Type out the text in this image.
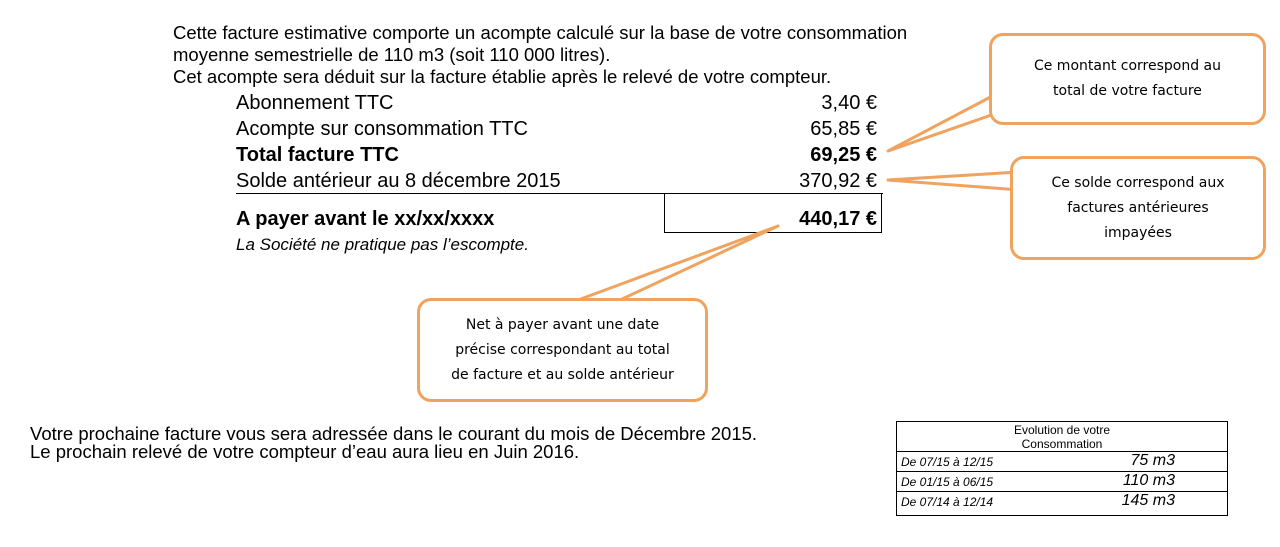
Cette facture estimative comporte un acompte calculé sur la base de votre consommation
moyenne semestrielle de 110 m3 (soit 110 000 litres).
Cet acompte sera déduit sur la facture établie après le relevé de votre compteur.
Abonnement TTC	3,40 €
Acompte sur consommation TTC	65,85 €
Total facture TTC	69,25 €
Solde antérieur au 8 décembre 2015	370,92 €
A payer avant le xx/xx/xxxx	440,17 €
La Société ne pratique pas l’escompte.
Ce montant correspond au
total de votre facture
Ce solde correspond aux
factures antérieures
impayées
Net à payer avant une date
précise correspondant au total
de facture et au solde antérieur
Votre prochaine facture vous sera adressée dans le courant du mois de Décembre 2015.
Le prochain relevé de votre compteur d’eau aura lieu en Juin 2016.
Evolution de votre
Consommation
De 07/15 à 12/15	75 m3
De 01/15 à 06/15	110 m3
De 07/14 à 12/14	145 m3
